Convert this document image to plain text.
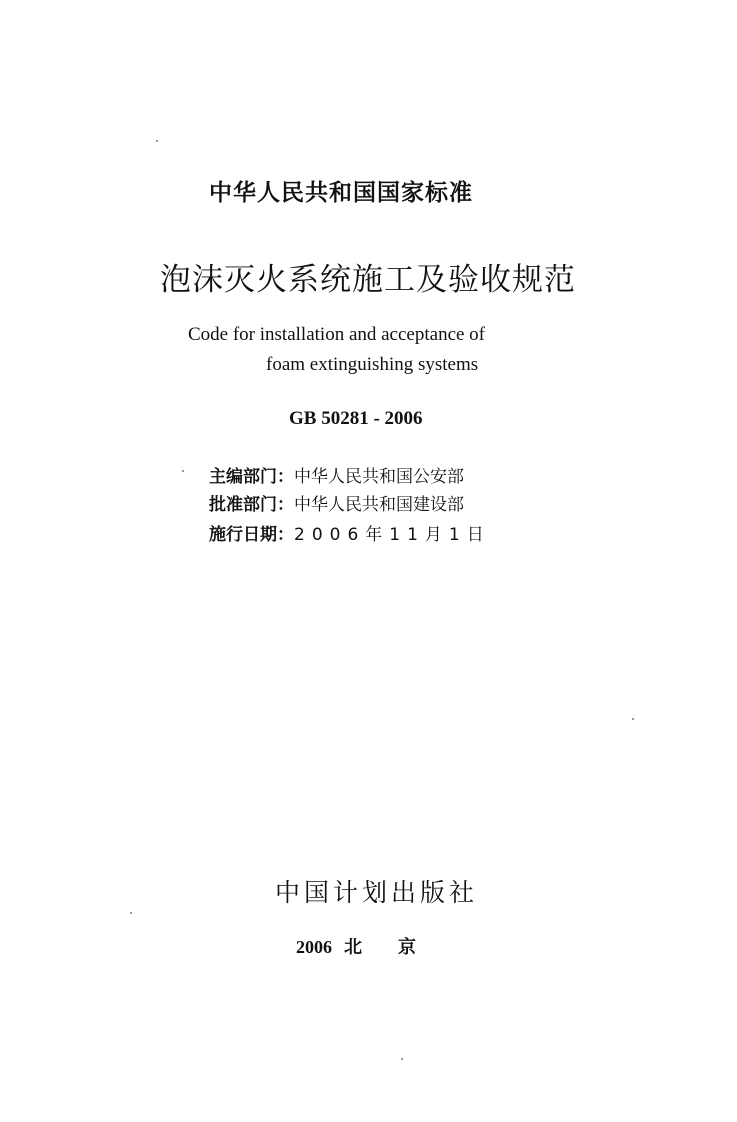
中华人民共和国国家标准
泡沫灭火系统施工及验收规范
Code for installation and acceptance of
foam extinguishing systems
GB 50281 - 2006
主编部门：中华人民共和国公安部
批准部门：中华人民共和国建设部
施行日期：2006年11月1日
中国计划出版社
2006 北京
